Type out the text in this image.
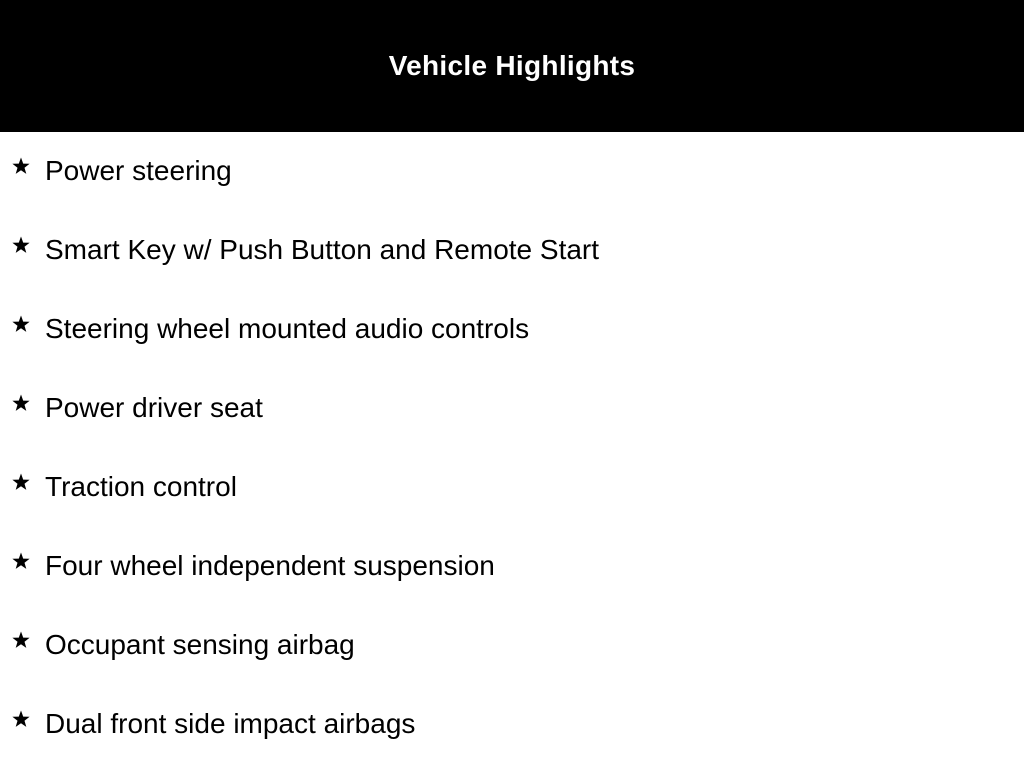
Vehicle Highlights
Power steering
Smart Key w/ Push Button and Remote Start
Steering wheel mounted audio controls
Power driver seat
Traction control
Four wheel independent suspension
Occupant sensing airbag
Dual front side impact airbags
